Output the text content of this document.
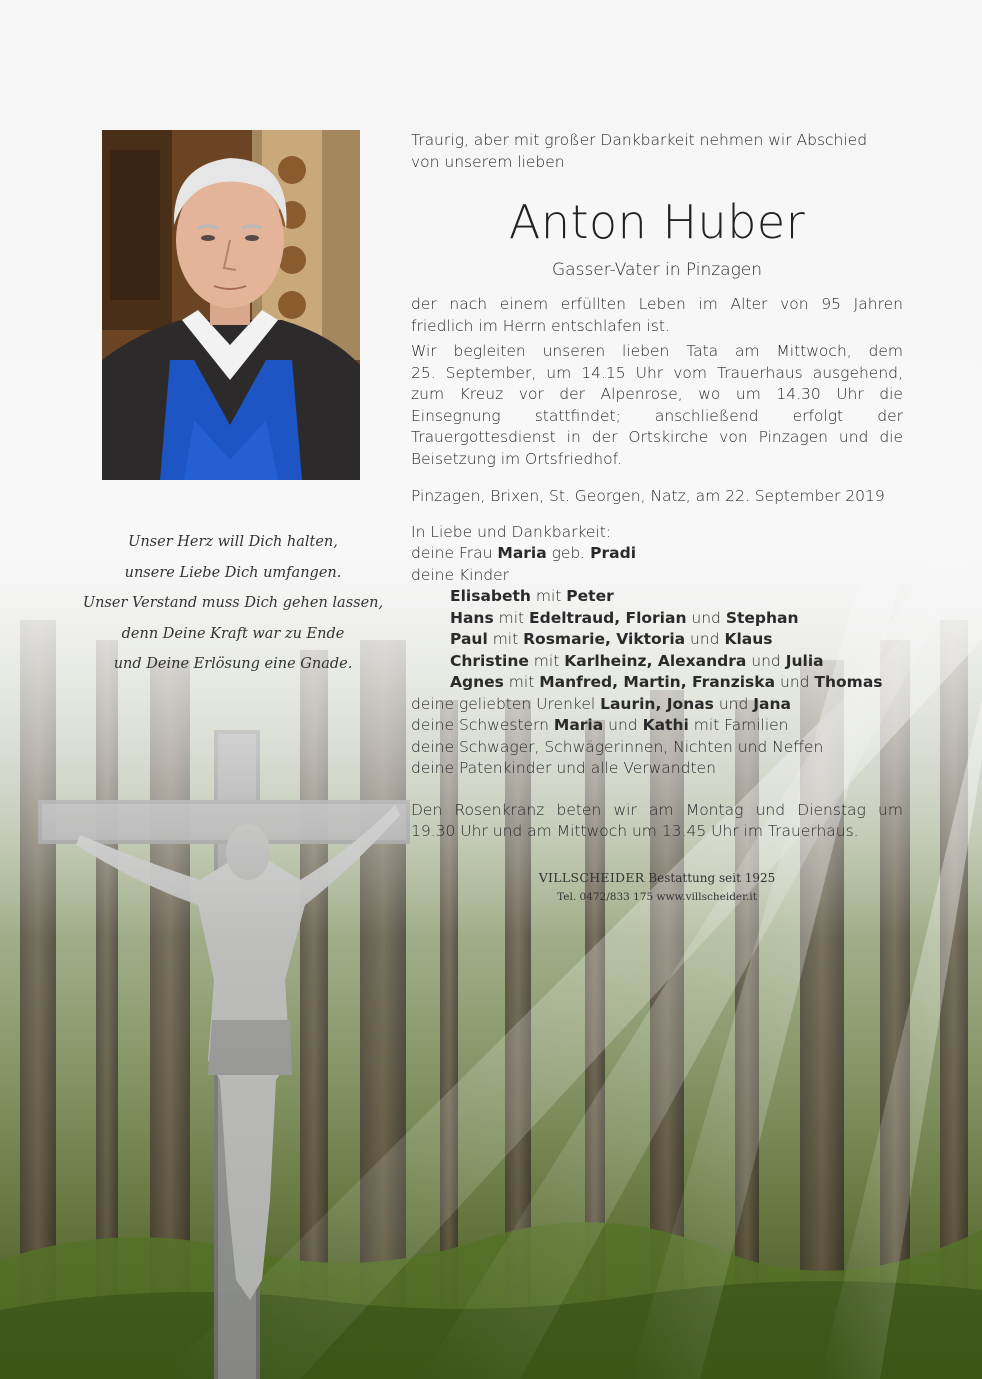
Unser Herz will Dich halten,
unsere Liebe Dich umfangen.
Unser Verstand muss Dich gehen lassen,
denn Deine Kraft war zu Ende
und Deine Erlösung eine Gnade.
Traurig, aber mit großer Dankbarkeit nehmen wir Abschied
von unserem lieben
Anton Huber
Gasser-Vater in Pinzagen
der nach einem erfüllten Leben im Alter von 95 Jahren
friedlich im Herrn entschlafen ist.
Wir begleiten unseren lieben Tata am Mittwoch, dem
25. September, um 14.15 Uhr vom Trauerhaus ausgehend,
zum Kreuz vor der Alpenrose, wo um 14.30 Uhr die
Einsegnung stattfindet; anschließend erfolgt der
Trauergottesdienst in der Ortskirche von Pinzagen und die
Beisetzung im Ortsfriedhof.
Pinzagen, Brixen, St. Georgen, Natz, am 22. September 2019
In Liebe und Dankbarkeit:
deine Frau Maria geb. Pradi
deine Kinder
Elisabeth mit Peter
Hans mit Edeltraud, Florian und Stephan
Paul mit Rosmarie, Viktoria und Klaus
Christine mit Karlheinz, Alexandra und Julia
Agnes mit Manfred, Martin, Franziska und Thomas
deine geliebten Urenkel Laurin, Jonas und Jana
deine Schwestern Maria und Kathi mit Familien
deine Schwager, Schwägerinnen, Nichten und Neffen
deine Patenkinder und alle Verwandten
Den Rosenkranz beten wir am Montag und Dienstag um
19.30 Uhr und am Mittwoch um 13.45 Uhr im Trauerhaus.
VILLSCHEIDER Bestattung seit 1925
Tel. 0472/833 175 www.villscheider.it
